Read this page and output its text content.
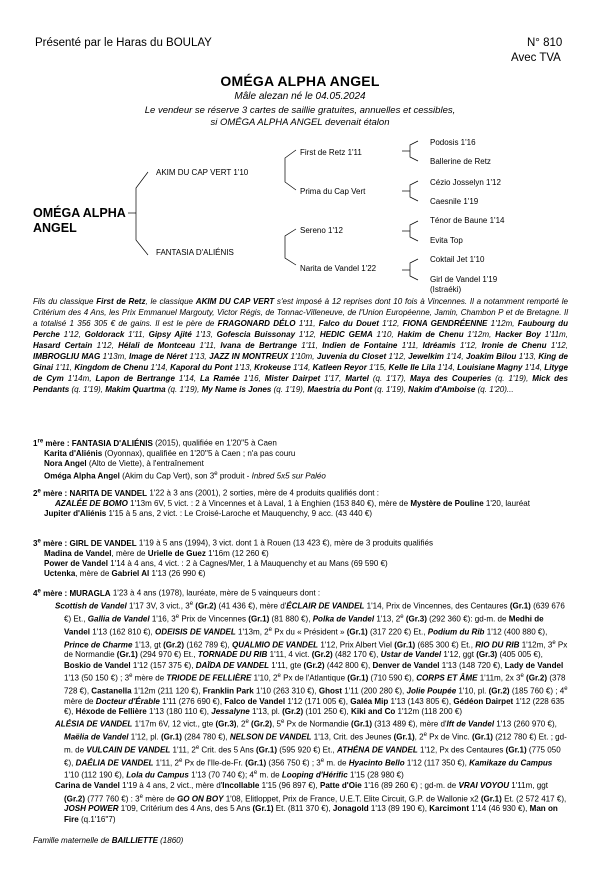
Présenté par le Haras du BOULAY	N° 810
Avec TVA
OMÉGA ALPHA ANGEL
Mâle alezan né le 04.05.2024
Le vendeur se réserve 3 cartes de saillie gratuites, annuelles et cessibles,
si OMÉGA ALPHA ANGEL devenait étalon
OMÉGA ALPHA
ANGEL
AKIM DU CAP VERT 1'10
FANTASIA D'ALIÉNIS
First de Retz 1'11
Prima du Cap Vert
Sereno 1'12
Narita de Vandel 1'22
Podosis 1'16
Ballerine de Retz
Cézio Josselyn 1'12
Caesnile 1'19
Ténor de Baune 1'14
Evita Top
Coktail Jet 1'10
Girl de Vandel 1'19
(Istraéki)
Fils du classique First de Retz, le classique AKIM DU CAP VERT s'est imposé à 12 reprises dont 10 fois à Vincennes. Il a notamment remporté le Critérium des 4 Ans, les Prix Emmanuel Margouty, Victor Régis, de Tonnac-Villeneuve, de l'Union Européenne, Jamin, Chambon P et de Bretagne. Il a totalisé 1 356 305 € de gains. Il est le père de FRAGONARD DÉLO 1'11, Falco du Douet 1'12, FIONA GENDRÉENNE 1'12m, Faubourg du Perche 1'12, Goldorack 1'11, Gipsy Ajité 1'13, Gofescia Buissonay 1'12, HEDIC GEMA 1'10, Hakim de Chenu 1'12m, Hacker Boy 1'11m, Hasard Certain 1'12, Hélali de Montceau 1'11, Ivana de Bertrange 1'11, Indien de Fontaine 1'11, Idréamis 1'12, Ironie de Chenu 1'12, IMBROGLIU MAG 1'13m, Image de Néret 1'13, JAZZ IN MONTREUX 1'10m, Juvenia du Closet 1'12, Jewelkim 1'14, Joakim Bilou 1'13, King de Ginai 1'11, Kingdom de Chenu 1'14, Kaporal du Pont 1'13, Krokeuse 1'14, Katleen Reyor 1'15, Kelle Ile Lila 1'14, Louisiane Magny 1'14, Lityge de Cym 1'14m, Lapon de Bertrange 1'14, La Ramée 1'16, Mister Dairpet 1'17, Martel (q. 1'17), Maya des Couperies (q. 1'19), Mick des Pendants (q. 1'19), Makim Quartma (q. 1'19), My Name is Jones (q. 1'19), Maestria du Pont (q. 1'19), Nakim d'Amboise (q. 1'20)...

1re mère : FANTASIA D'ALIÉNIS (2015), qualifiée en 1'20''5 à Caen

Karita d'Aliénis (Oyonnax), qualifiée en 1'20''5 à Caen ; n'a pas couru

Nora Angel (Alto de Viette), à l'entraînement

Oméga Alpha Angel (Akim du Cap Vert), son 3e produit - Inbred 5x5 sur Paléo

2e mère : NARITA DE VANDEL 1'22 à 3 ans (2001), 2 sorties, mère de 4 produits qualifiés dont :

AZALÉE DE BOMO 1'13m 6V, 5 vict. : 2 à Vincennes et à Laval, 1 à Enghien (153 840 €), mère de Mystère de Pouline 1'20, lauréat

Jupiter d'Aliénis 1'15 à 5 ans, 2 vict. : Le Croisé-Laroche et Mauquenchy, 9 acc. (43 440 €)

3e mère : GIRL DE VANDEL 1'19 à 5 ans (1994), 3 vict. dont 1 à Rouen (13 423 €), mère de 3 produits qualifiés

Madina de Vandel, mère de Urielle de Guez 1'16m (12 260 €)

Power de Vandel 1'14 à 4 ans, 4 vict. : 2 à Cagnes/Mer, 1 à Mauquenchy et au Mans (69 590 €)

Uctenka, mère de Gabriel Al 1'13 (26 990 €)

4e mère : MURAGLA 1'23 à 4 ans (1978), lauréate, mère de 5 vainqueurs dont :

Scottish de Vandel 1'17 3V, 3 vict., 3e (Gr.2) (41 436 €), mère d'ÉCLAIR DE VANDEL 1'14, Prix de Vincennes, des Centaures (Gr.1) (639 676 €) Et., Gallia de Vandel 1'16, 3e Prix de Vincennes (Gr.1) (81 880 €), Polka de Vandel 1'13, 2e (Gr.3) (292 360 €): gd-m. de Medhi de Vandel 1'13 (162 810 €), ODEISIS DE VANDEL 1'13m, 2e Px du « Président » (Gr.1) (317 220 €) Et., Podium du Rib 1'12 (400 880 €), Prince de Charme 1'13, gt (Gr.2) (162 789 €), QUALMIO DE VANDEL 1'12, Prix Albert Viel (Gr.1) (685 300 €) Et., RIO DU RIB 1'12m, 3e Px de Normandie (Gr.1) (294 970 €) Et., TORNADE DU RIB 1'11, 4 vict. (Gr.2) (482 170 €), Ustar de Vandel 1'12, ggt (Gr.3) (405 005 €), Boskio de Vandel 1'12 (157 375 €), DAÏDA DE VANDEL 1'11, gte (Gr.2) (442 800 €), Denver de Vandel 1'13 (148 720 €), Lady de Vandel 1'13 (50 150 €) ; 3e mère de TRIODE DE FELLIÈRE 1'10, 2e Px de l'Atlantique (Gr.1) (710 590 €), CORPS ET ÂME 1'11m, 2x 3e (Gr.2) (378 728 €), Castanella 1'12m (211 120 €), Franklin Park 1'10 (263 310 €), Ghost 1'11 (200 280 €), Jolie Poupée 1'10, pl. (Gr.2) (185 760 €) ; 4e mère de Docteur d'Érable 1'11 (276 690 €), Falco de Vandel 1'12 (171 005 €), Galéa Mip 1'13 (143 805 €), Gédéon Dairpet 1'12 (228 635 €), Héxode de Fellière 1'13 (180 110 €), Jessalyne 1'13, pl. (Gr.2) (101 250 €), Kiki and Co 1'12m (118 200 €)

ALÉSIA DE VANDEL 1'17m 6V, 12 vict., gte (Gr.3), 2e (Gr.2), 5e Px de Normandie (Gr.1) (313 489 €), mère d'Ift de Vandel 1'13 (260 970 €), Maëlia de Vandel 1'12, pl. (Gr.1) (284 780 €), NELSON DE VANDEL 1'13, Crit. des Jeunes (Gr.1), 2e Px de Vinc. (Gr.1) (212 780 €) Et. ; gd-m. de VULCAIN DE VANDEL 1'11, 2e Crit. des 5 Ans (Gr.1) (595 920 €) Et., ATHÉNA DE VANDEL 1'12, Px des Centaures (Gr.1) (775 050 €), DAÉLIA DE VANDEL 1'11, 2e Px de l'Ile-de-Fr. (Gr.1) (356 750 €) ; 3e m. de Hyacinto Bello 1'12 (117 350 €), Kamikaze du Campus 1'10 (112 190 €), Lola du Campus 1'13 (70 740 €); 4e m. de Looping d'Hérific 1'15 (28 980 €)

Carina de Vandel 1'19 à 4 ans, 2 vict., mère d'Incollable 1'15 (96 897 €), Patte d'Oie 1'16 (89 260 €) ; gd-m. de VRAI VOYOU 1'11m, ggt (Gr.2) (777 760 €) : 3e mère de GO ON BOY 1'08, Elitloppet, Prix de France, U.E.T. Elite Circuit, G.P. de Wallonie x2 (Gr.1) Et. (2 572 417 €), JOSH POWER 1'09, Critérium des 4 Ans, des 5 Ans (Gr.1) Et. (811 370 €), Jonagold 1'13 (89 190 €), Karcimont 1'14 (46 930 €), Man on Fire (q.1'16''7)

Famille maternelle de BAILLIETTE (1860)
